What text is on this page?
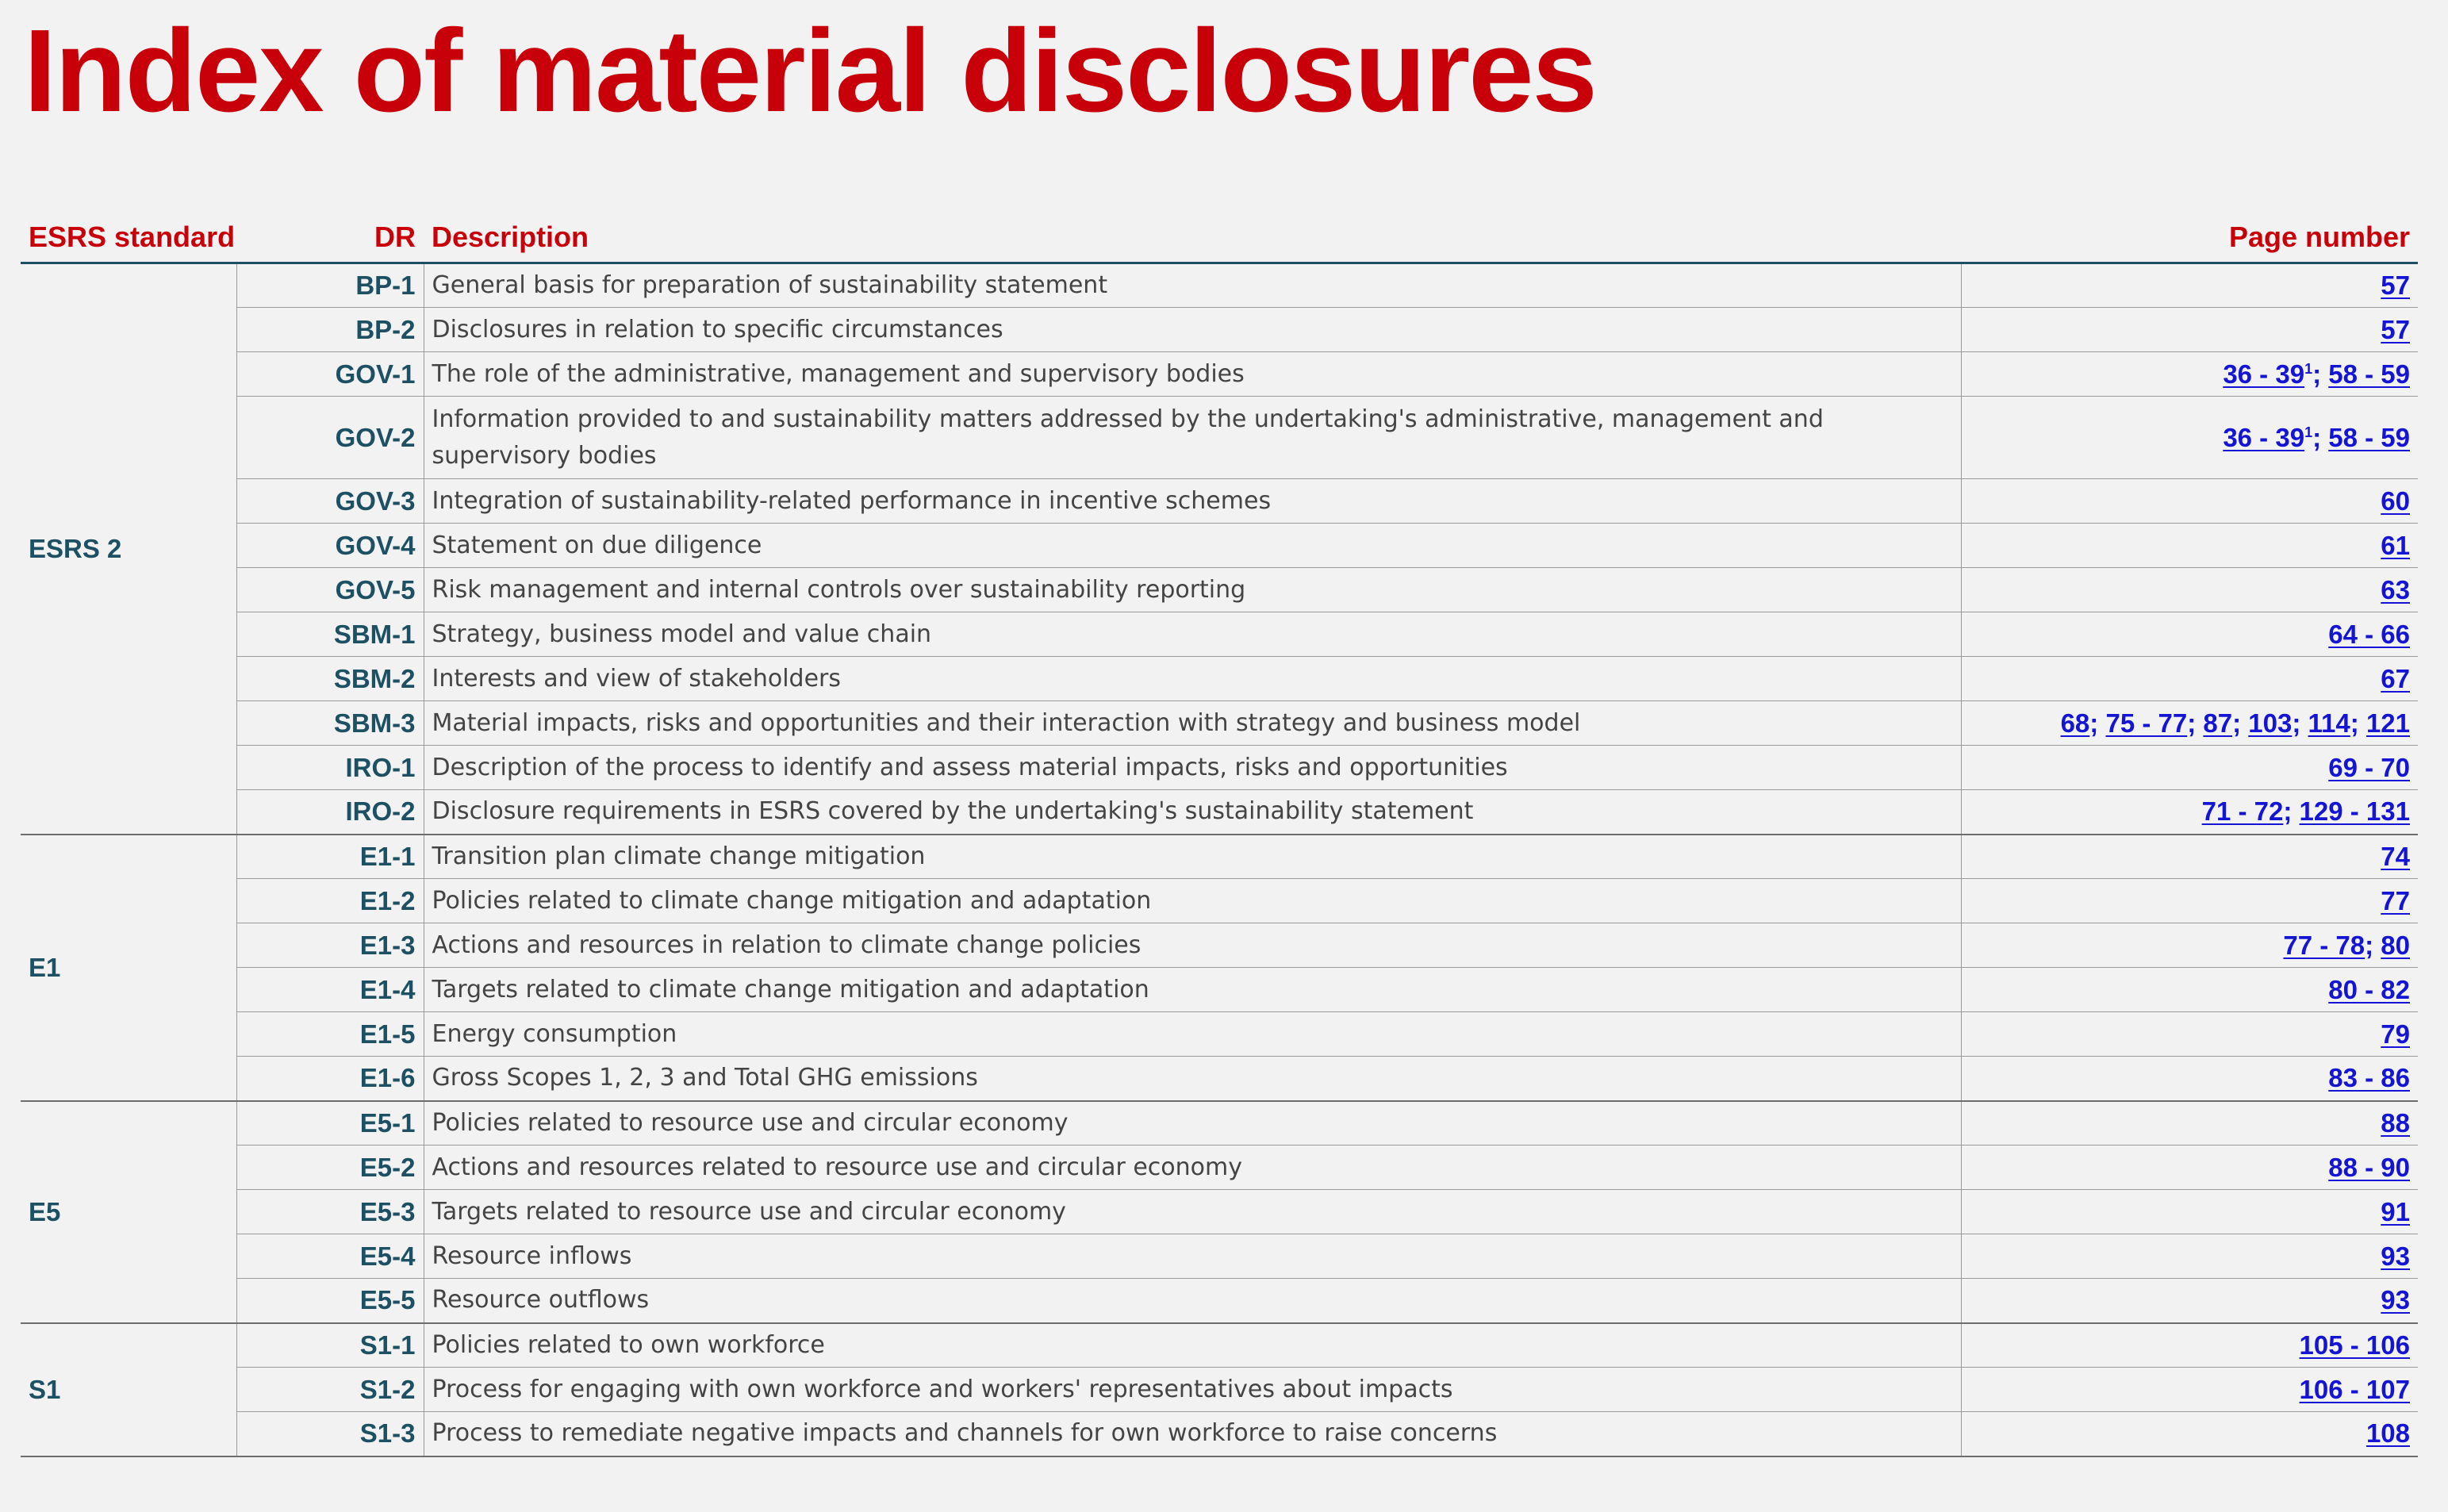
Index of material disclosures
ESRS standard	DR	Description	Page number
ESRS 2	BP-1	General basis for preparation of sustainability statement	57
	BP-2	Disclosures in relation to specific circumstances	57
	GOV-1	The role of the administrative, management and supervisory bodies	36 - 39$^1$; 58 - 59
	GOV-2	Information provided to and sustainability matters addressed by the undertaking's administrative, management and supervisory bodies	36 - 39$^1$; 58 - 59
	GOV-3	Integration of sustainability-related performance in incentive schemes	60
	GOV-4	Statement on due diligence	61
	GOV-5	Risk management and internal controls over sustainability reporting	63
	SBM-1	Strategy, business model and value chain	64 - 66
	SBM-2	Interests and view of stakeholders	67
	SBM-3	Material impacts, risks and opportunities and their interaction with strategy and business model	68; 75 - 77; 87; 103; 114; 121
	IRO-1	Description of the process to identify and assess material impacts, risks and opportunities	69 - 70
	IRO-2	Disclosure requirements in ESRS covered by the undertaking's sustainability statement	71 - 72; 129 - 131
E1	E1-1	Transition plan climate change mitigation	74
	E1-2	Policies related to climate change mitigation and adaptation	77
	E1-3	Actions and resources in relation to climate change policies	77 - 78; 80
	E1-4	Targets related to climate change mitigation and adaptation	80 - 82
	E1-5	Energy consumption	79
	E1-6	Gross Scopes 1, 2, 3 and Total GHG emissions	83 - 86
E5	E5-1	Policies related to resource use and circular economy	88
	E5-2	Actions and resources related to resource use and circular economy	88 - 90
	E5-3	Targets related to resource use and circular economy	91
	E5-4	Resource inflows	93
	E5-5	Resource outflows	93
S1	S1-1	Policies related to own workforce	105 - 106
	S1-2	Process for engaging with own workforce and workers' representatives about impacts	106 - 107
	S1-3	Process to remediate negative impacts and channels for own workforce to raise concerns	108
